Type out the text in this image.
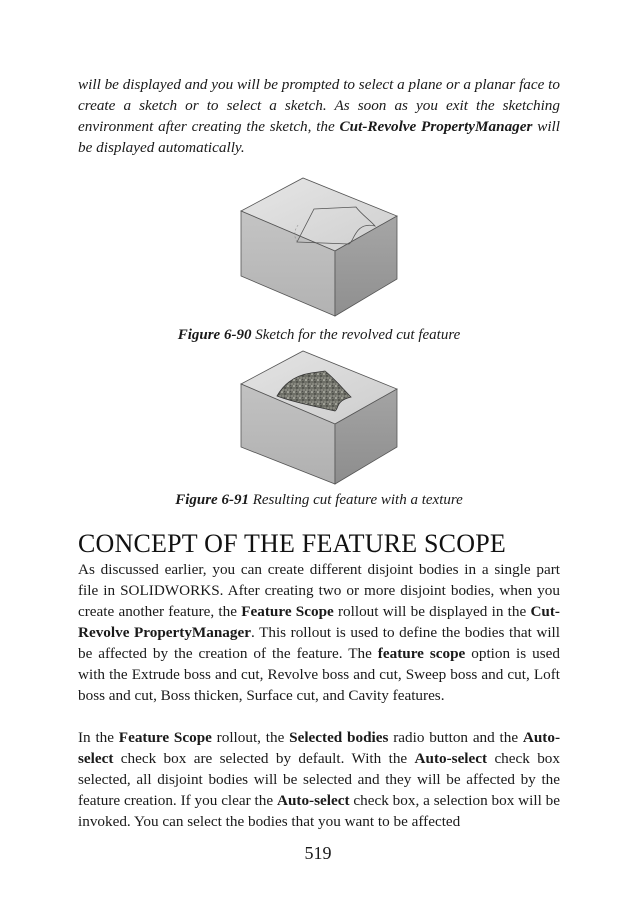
will be displayed and you will be prompted to select a plane or a planar face to create a sketch or to select a sketch. As soon as you exit the sketching environment after creating the sketch, the Cut-Revolve PropertyManager will be displayed automatically.

Figure 6-90 Sketch for the revolved cut feature

Figure 6-91 Resulting cut feature with a texture

CONCEPT OF THE FEATURE SCOPE

As discussed earlier, you can create different disjoint bodies in a single part file in SOLIDWORKS. After creating two or more disjoint bodies, when you create another feature, the Feature Scope rollout will be displayed in the Cut-Revolve PropertyManager. This rollout is used to define the bodies that will be affected by the creation of the feature. The feature scope option is used with the Extrude boss and cut, Revolve boss and cut, Sweep boss and cut, Loft boss and cut, Boss thicken, Surface cut, and Cavity features.

In the Feature Scope rollout, the Selected bodies radio button and the Auto-select check box are selected by default. With the Auto-select check box selected, all disjoint bodies will be selected and they will be affected by the feature creation. If you clear the Auto-select check box, a selection box will be invoked. You can select the bodies that you want to be affected

519
